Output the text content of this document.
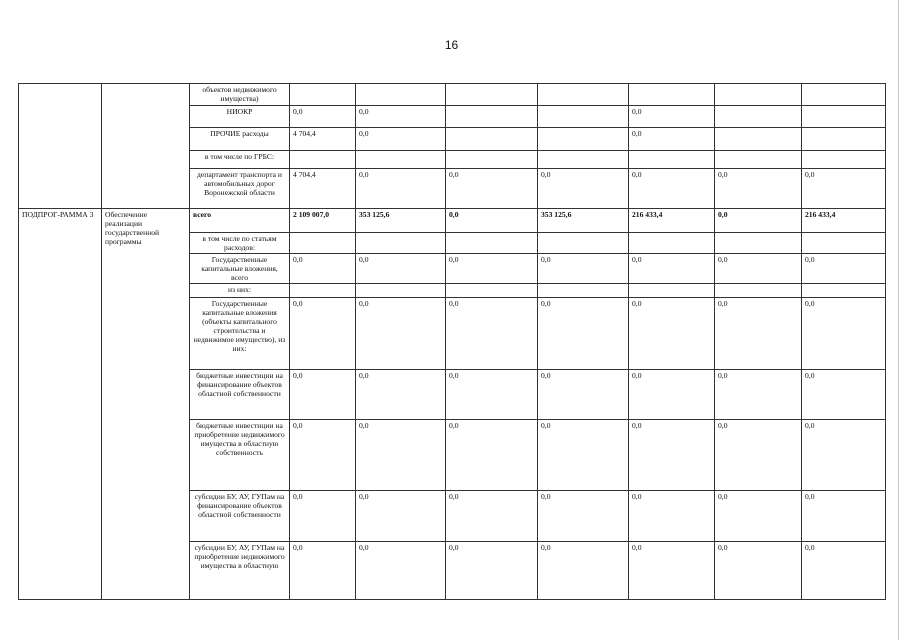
16
		объектов недвижимого имущества)							
		НИОКР	0,0	0,0			0,0		
		ПРОЧИЕ расходы	4 704,4	0,0			0,0		
		в том числе по ГРБС:							
		департамент транспорта и автомобильных дорог Воронежской области	4 704,4	0,0	0,0	0,0	0,0	0,0	0,0
ПОДПРОГ-РАММА 3	Обеспечение реализации государственной программы	всего	2 109 007,0	353 125,6	0,0	353 125,6	216 433,4	0,0	216 433,4
		в том числе по статьям расходов:							
		Государственные капитальные вложения, всего	0,0	0,0	0,0	0,0	0,0	0,0	0,0
		из них:							
		Государственные капитальные вложения (объекты капитального строительства и недвижимое имущество), из них:	0,0	0,0	0,0	0,0	0,0	0,0	0,0
		бюджетные инвестиции на финансирование объектов областной собственности	0,0	0,0	0,0	0,0	0,0	0,0	0,0
		бюджетные инвестиции на приобретение недвижимого имущества в областную собственность	0,0	0,0	0,0	0,0	0,0	0,0	0,0
		субсидии БУ, АУ, ГУПам на финансирование объектов областной собственности	0,0	0,0	0,0	0,0	0,0	0,0	0,0
		субсидии БУ, АУ, ГУПам на приобретение недвижимого имущества в областную	0,0	0,0	0,0	0,0	0,0	0,0	0,0
